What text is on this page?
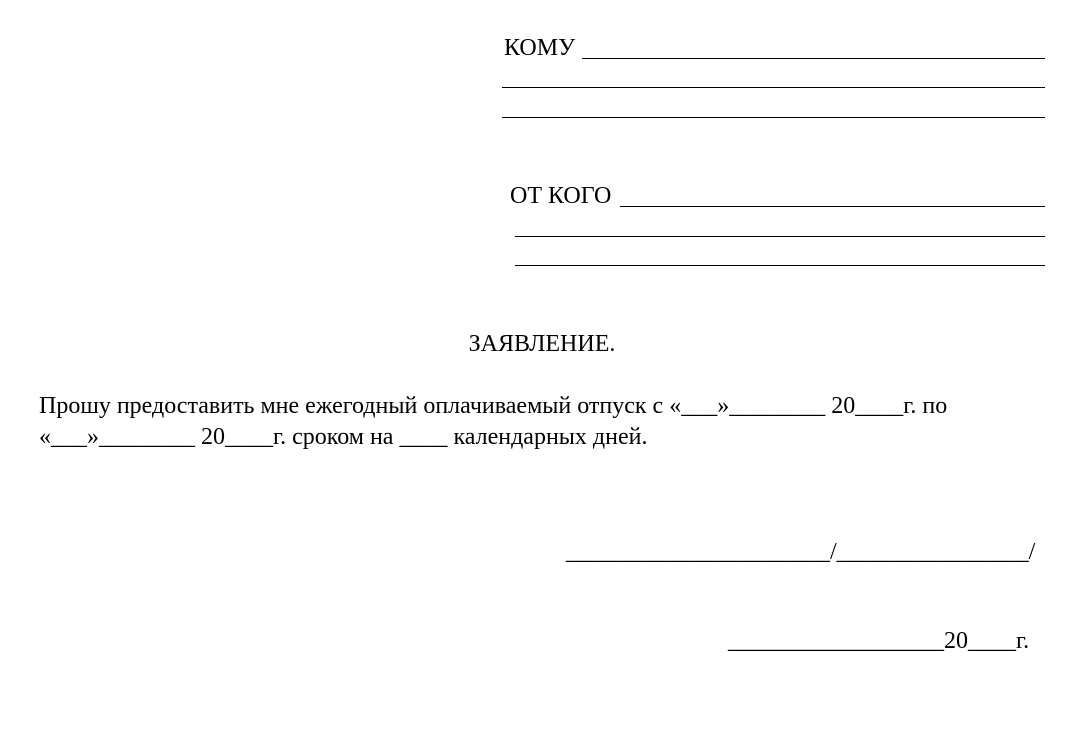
КОМУ
ОТ КОГО
ЗАЯВЛЕНИЕ.
Прошу предоставить мне ежегодный оплачиваемый отпуск с «___»________ 20____г. по
«___»________ 20____г. сроком на ____ календарных дней.
______________________/________________/
__________________20____г.
